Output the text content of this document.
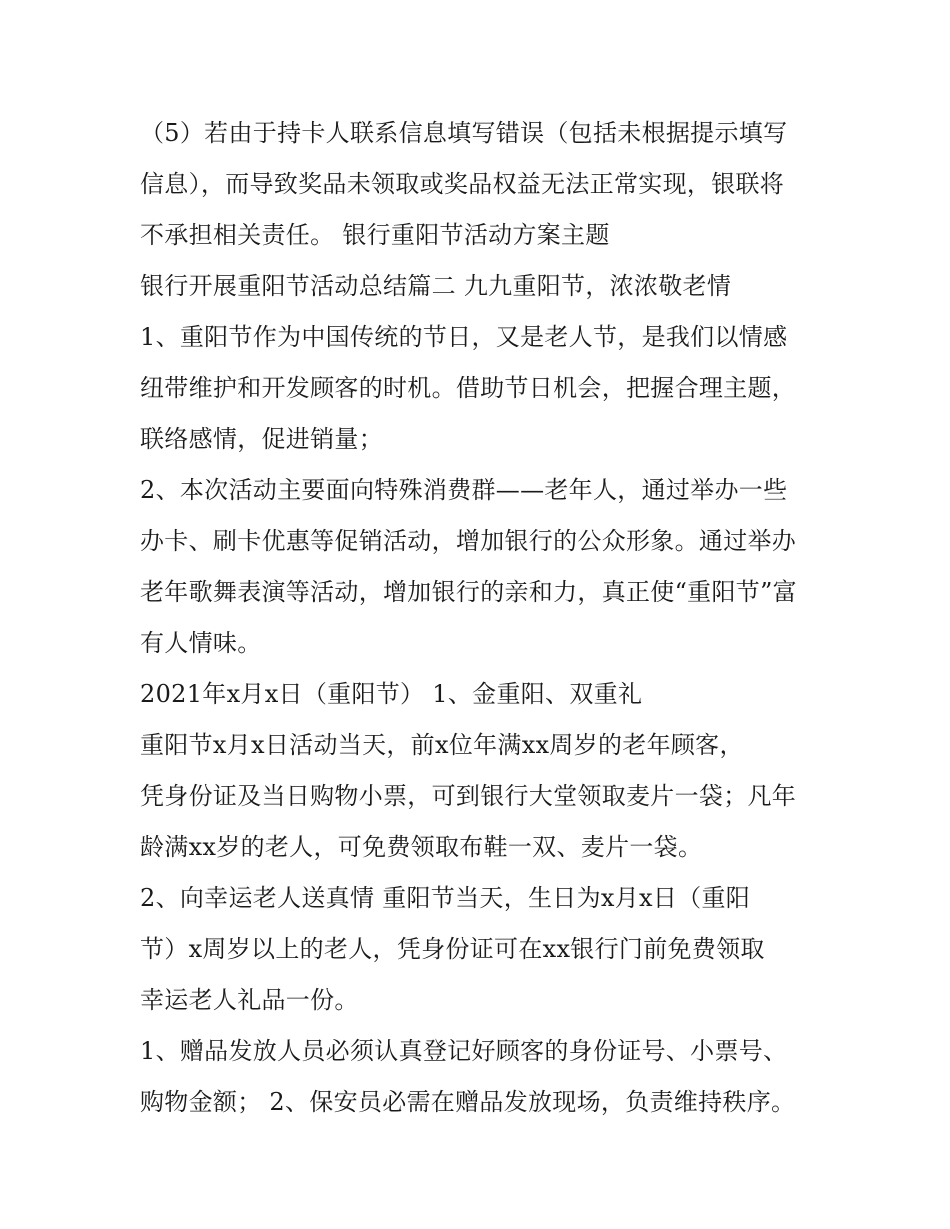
（5）若由于持卡人联系信息填写错误（包括未根据提示填写
信息），而导致奖品未领取或奖品权益无法正常实现，银联将
不承担相关责任。 银行重阳节活动方案主题
银行开展重阳节活动总结篇二 九九重阳节，浓浓敬老情
1、重阳节作为中国传统的节日，又是老人节，是我们以情感
纽带维护和开发顾客的时机。借助节日机会，把握合理主题，
联络感情，促进销量；
2、本次活动主要面向特殊消费群——老年人，通过举办一些
办卡、刷卡优惠等促销活动，增加银行的公众形象。通过举办
老年歌舞表演等活动，增加银行的亲和力，真正使“重阳节”富
有人情味。
2021年x月x日（重阳节） 1、金重阳、双重礼
重阳节x月x日活动当天，前x位年满xx周岁的老年顾客，
凭身份证及当日购物小票，可到银行大堂领取麦片一袋；凡年
龄满xx岁的老人，可免费领取布鞋一双、麦片一袋。
2、向幸运老人送真情 重阳节当天，生日为x月x日（重阳
节）x周岁以上的老人，凭身份证可在xx银行门前免费领取
幸运老人礼品一份。
1、赠品发放人员必须认真登记好顾客的身份证号、小票号、
购物金额； 2、保安员必需在赠品发放现场，负责维持秩序。
